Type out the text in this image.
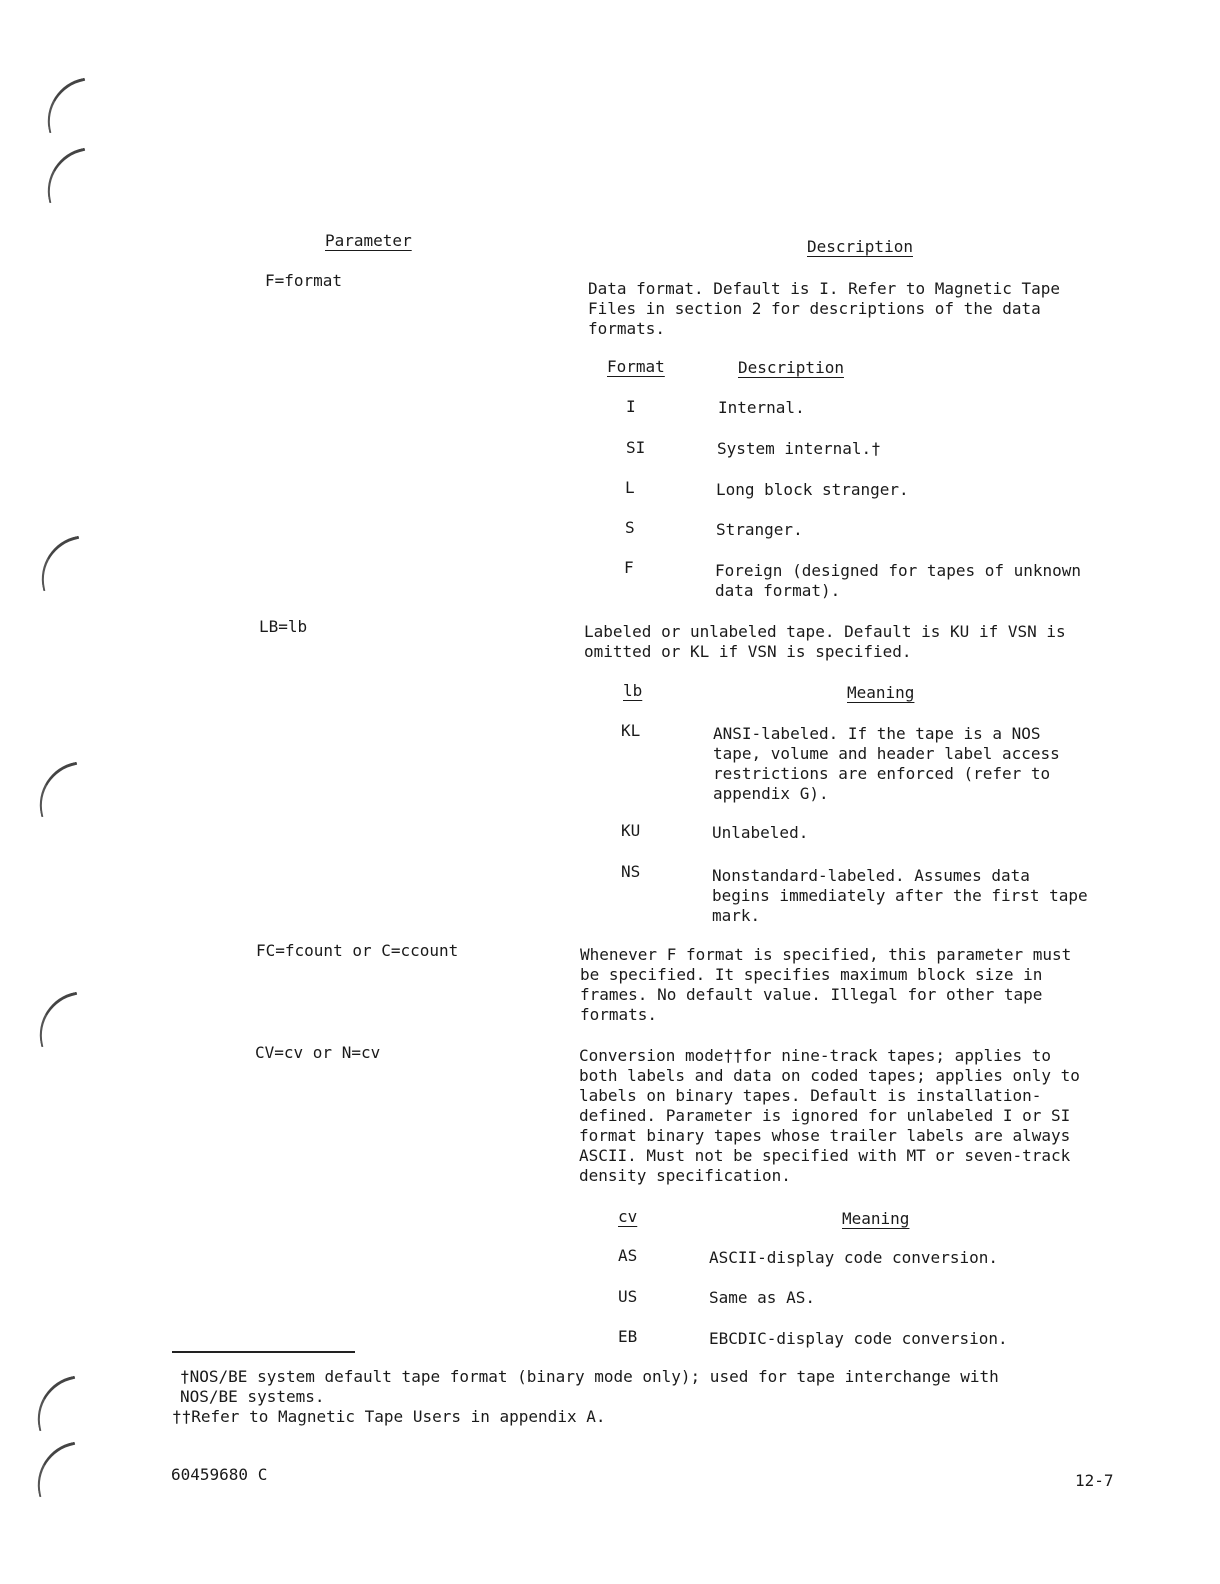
Parameter	Description
F=format	Data format. Default is I. Refer to Magnetic Tape
Files in section 2 for descriptions of the data
formats.
Format	Description
I	Internal.
SI	System internal.†
L	Long block stranger.
S	Stranger.
F	Foreign (designed for tapes of unknown
data format).
LB=lb	Labeled or unlabeled tape. Default is KU if VSN is
omitted or KL if VSN is specified.
lb	Meaning
KL	ANSI-labeled. If the tape is a NOS
tape, volume and header label access
restrictions are enforced (refer to
appendix G).
KU	Unlabeled.
NS	Nonstandard-labeled. Assumes data
begins immediately after the first tape
mark.
FC=fcount or C=ccount	Whenever F format is specified, this parameter must
be specified. It specifies maximum block size in
frames. No default value. Illegal for other tape
formats.
CV=cv or N=cv	Conversion mode††for nine-track tapes; applies to
both labels and data on coded tapes; applies only to
labels on binary tapes. Default is installation-
defined. Parameter is ignored for unlabeled I or SI
format binary tapes whose trailer labels are always
ASCII. Must not be specified with MT or seven-track
density specification.
cv	Meaning
AS	ASCII-display code conversion.
US	Same as AS.
EB	EBCDIC-display code conversion.
†NOS/BE system default tape format (binary mode only); used for tape interchange with
NOS/BE systems.
††Refer to Magnetic Tape Users in appendix A.
60459680 C	12-7
